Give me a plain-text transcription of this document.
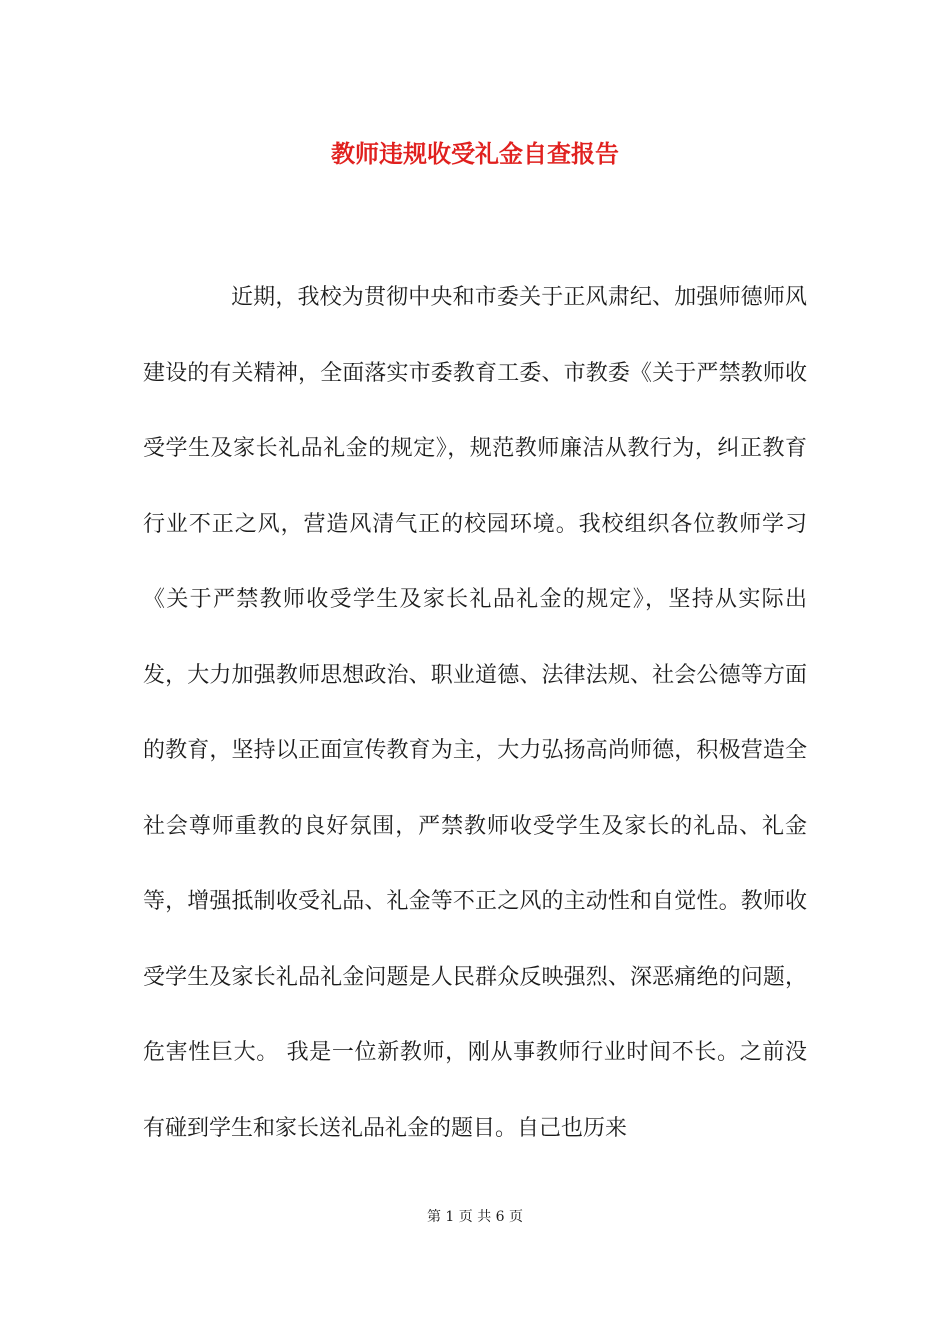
教师违规收受礼金自查报告

近期，我校为贯彻中央和市委关于正风肃纪、加强师德师风建设的有关精神，全面落实市委教育工委、市教委《关于严禁教师收受学生及家长礼品礼金的规定》，规范教师廉洁从教行为，纠正教育行业不正之风，营造风清气正的校园环境。我校组织各位教师学习《关于严禁教师收受学生及家长礼品礼金的规定》，坚持从实际出发，大力加强教师思想政治、职业道德、法律法规、社会公德等方面的教育，坚持以正面宣传教育为主，大力弘扬高尚师德，积极营造全社会尊师重教的良好氛围，严禁教师收受学生及家长的礼品、礼金等，增强抵制收受礼品、礼金等不正之风的主动性和自觉性。教师收受学生及家长礼品礼金问题是人民群众反映强烈、深恶痛绝的问题，危害性巨大。 我是一位新教师，刚从事教师行业时间不长。之前没有碰到学生和家长送礼品礼金的题目。自己也历来

第 1 页 共 6 页
